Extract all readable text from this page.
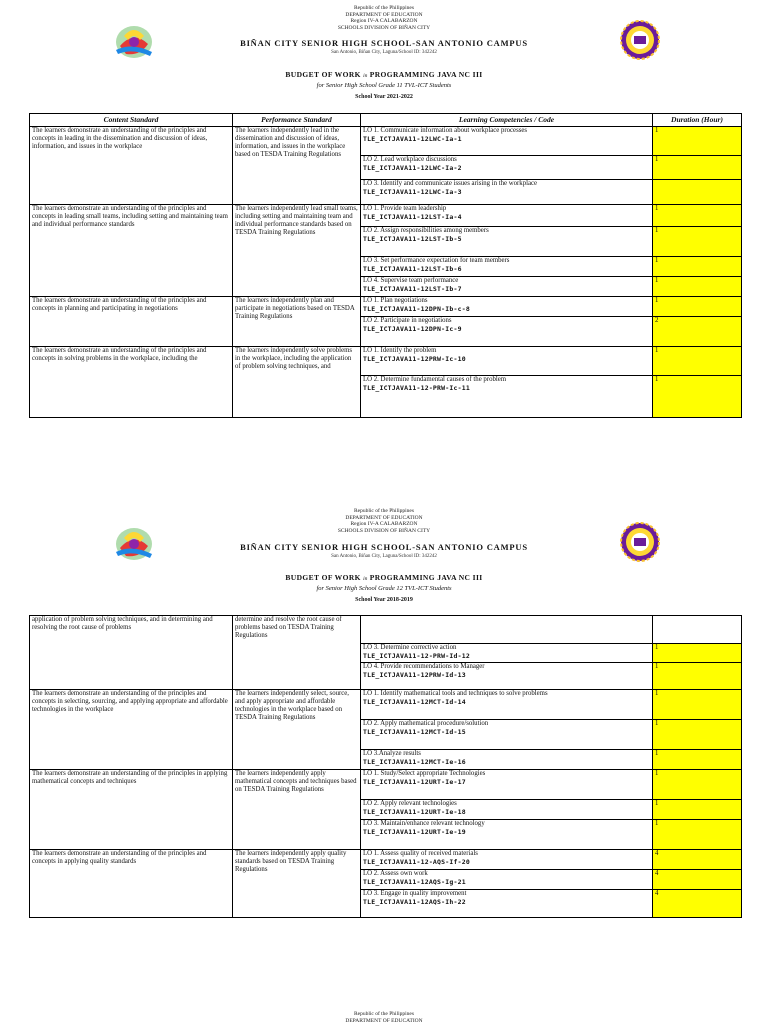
Republic of the Philippines
DEPARTMENT OF EDUCATION
Region IV-A CALABARZON
SCHOOLS DIVISION OF BIÑAN CITY
BIÑAN CITY SENIOR HIGH SCHOOL-SAN ANTONIO CAMPUS
San Antonio, Biñan City, Laguna/School ID: 342242
BUDGET OF WORK in PROGRAMMING JAVA NC III
for Senior High School Grade 11 TVL-ICT Students
School Year 2021-2022
Content Standard	Performance Standard	Learning Competencies / Code	Duration (Hour)
The learners demonstrate an understanding of the principles and concepts in leading in the dissemination and discussion of ideas, information, and issues in the workplace	The learners independently lead in the dissemination and discussion of ideas, information, and issues in the workplace based on TESDA Training Regulations	LO 1. Communicate information about workplace processes
TLE_ICTJAVA11-12LWC-Ia-1	1

		LO 2. Lead workplace discussions
TLE_ICTJAVA11-12LWC-Ia-2	1

		LO 3. Identify and communicate issues arising in the workplace
TLE_ICTJAVA11-12LWC-Ia-3	

The learners demonstrate an understanding of the principles and concepts in leading small teams, including setting and maintaining team and individual performance standards	The learners independently lead small teams, including setting and maintaining team and individual performance standards based on TESDA Training Regulations	LO 1. Provide team leadership
TLE_ICTJAVA11-12LST-Ia-4	1

		LO 2. Assign responsibilities among members
TLE_ICTJAVA11-12LST-Ib-5	1

		LO 3. Set performance expectation for team members
TLE_ICTJAVA11-12LST-Ib-6	1

		LO 4. Supervise team performance
TLE_ICTJAVA11-12LST-Ib-7	1
The learners demonstrate an understanding of the principles and concepts in planning and participating in negotiations	The learners independently plan and participate in negotiations based on TESDA Training Regulations	LO 1. Plan negotiations
TLE_ICTJAVA11-12DPN-Ib-c-8	1

		LO 2. Participate in negotiations
TLE_ICTJAVA11-12DPN-Ic-9	2
The learners demonstrate an understanding of the principles and concepts in solving problems in the workplace, including the	The learners independently solve problems in the workplace, including the application of problem solving techniques, and	LO 1. Identify the problem
TLE_ICTJAVA11-12PRW-Ic-10	1

		LO 2. Determine fundamental causes of the problem
TLE_ICTJAVA11-12-PRW-Ic-11	1
Republic of the Philippines
DEPARTMENT OF EDUCATION
Region IV-A CALABARZON
SCHOOLS DIVISION OF BIÑAN CITY
BIÑAN CITY SENIOR HIGH SCHOOL-SAN ANTONIO CAMPUS
San Antonio, Biñan City, Laguna/School ID: 342242
BUDGET OF WORK in PROGRAMMING JAVA NC III
for Senior High School Grade 12 TVL-ICT Students
School Year 2018-2019
application of problem solving techniques, and in determining and resolving the root cause of problems	determine and resolve the root cause of problems based on TESDA Training Regulations		

		LO 3. Determine corrective action
TLE_ICTJAVA11-12-PRW-Id-12	1

		LO 4. Provide recommendations to Manager
TLE_ICTJAVA11-12PRW-Id-13	1
The learners demonstrate an understanding of the principles and concepts in selecting, sourcing, and applying appropriate and affordable technologies in the workplace	The learners independently select, source, and apply appropriate and affordable technologies in the workplace based on TESDA Training Regulations	LO 1. Identify mathematical tools and techniques to solve problems
TLE_ICTJAVA11-12MCT-Id-14	1

		LO 2. Apply mathematical procedure/solution
TLE_ICTJAVA11-12MCT-Id-15	1

		LO 3.Analyze results
TLE_ICTJAVA11-12MCT-Ie-16	1
The learners demonstrate an understanding of the principles in applying mathematical concepts and techniques	The learners independently apply mathematical concepts and techniques based on TESDA Training Regulations	LO 1. Study/Select appropriate Technologies
TLE_ICTJAVA11-12URT-Ie-17	1

		LO 2. Apply relevant technologies
TLE_ICTJAVA11-12URT-Ie-18	1

		LO 3. Maintain/enhance relevant technology
TLE_ICTJAVA11-12URT-Ie-19	1
The learners demonstrate an understanding of the principles and concepts in applying quality standards	The learners independently apply quality standards based on TESDA Training Regulations	LO 1. Assess quality of received materials
TLE_ICTJAVA11-12-AQS-If-20	4

		LO 2. Assess own work
TLE_ICTJAVA11-12AQS-Ig-21	4

		LO 3. Engage in quality improvement
TLE_ICTJAVA11-12AQS-Ih-22	4
Republic of the Philippines
DEPARTMENT OF EDUCATION
